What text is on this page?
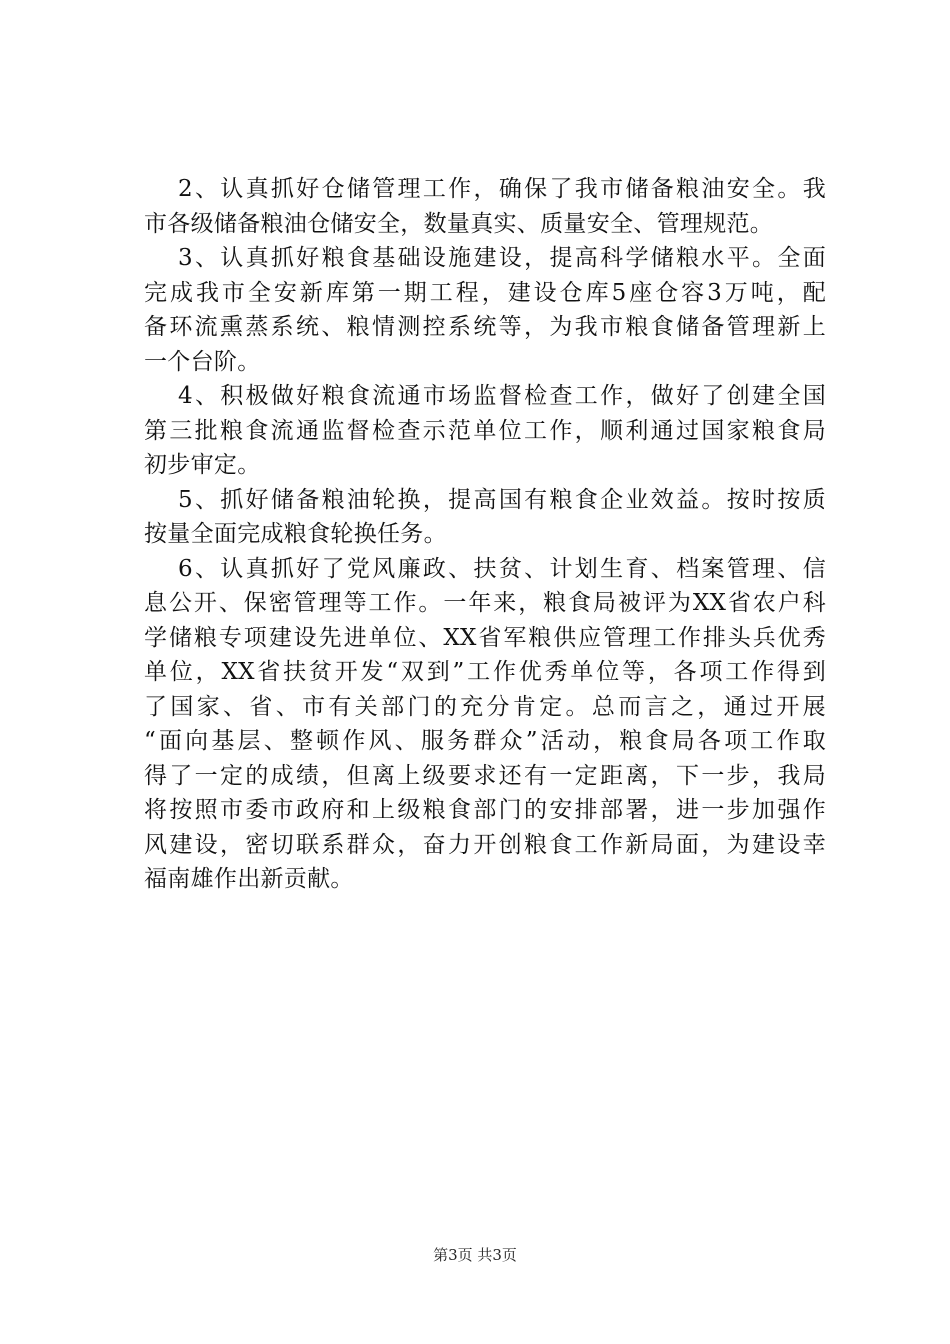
2、认真抓好仓储管理工作，确保了我市储备粮油安全。我
市各级储备粮油仓储安全，数量真实、质量安全、管理规范。
3、认真抓好粮食基础设施建设，提高科学储粮水平。全面
完成我市全安新库第一期工程，建设仓库5座仓容3万吨，配
备环流熏蒸系统、粮情测控系统等，为我市粮食储备管理新上
一个台阶。
4、积极做好粮食流通市场监督检查工作，做好了创建全国
第三批粮食流通监督检查示范单位工作，顺利通过国家粮食局
初步审定。
5、抓好储备粮油轮换，提高国有粮食企业效益。按时按质
按量全面完成粮食轮换任务。
6、认真抓好了党风廉政、扶贫、计划生育、档案管理、信
息公开、保密管理等工作。一年来，粮食局被评为XX省农户科
学储粮专项建设先进单位、XX省军粮供应管理工作排头兵优秀
单位，XX省扶贫开发“双到”工作优秀单位等，各项工作得到
了国家、省、市有关部门的充分肯定。总而言之，通过开展
“面向基层、整顿作风、服务群众”活动，粮食局各项工作取
得了一定的成绩，但离上级要求还有一定距离，下一步，我局
将按照市委市政府和上级粮食部门的安排部署，进一步加强作
风建设，密切联系群众，奋力开创粮食工作新局面，为建设幸
福南雄作出新贡献。
第3页 共3页
